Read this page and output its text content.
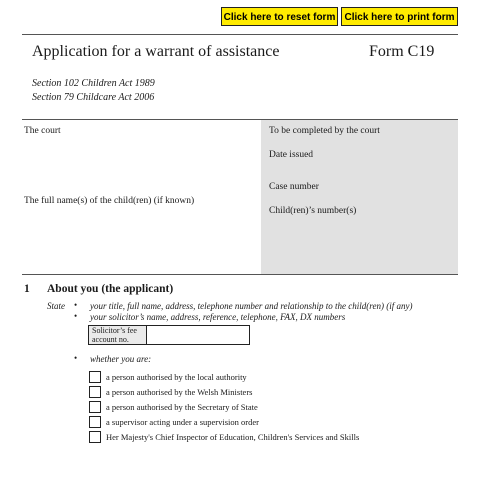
Click here to reset form Click here to print form
Application for a warrant of assistance	Form C19
Section 102 Children Act 1989
Section 79 Childcare Act 2006
The court
The full name(s) of the child(ren) (if known)
To be completed by the court
Date issued
Case number
Child(ren)’s number(s)
1 About you (the applicant)
State • your title, full name, address, telephone number and relationship to the child(ren) (if any)
• your solicitor’s name, address, reference, telephone, FAX, DX numbers
Solicitor’s fee account no.
• whether you are:
a person authorised by the local authority
a person authorised by the Welsh Ministers
a person authorised by the Secretary of State
a supervisor acting under a supervision order
Her Majesty's Chief Inspector of Education, Children's Services and Skills
